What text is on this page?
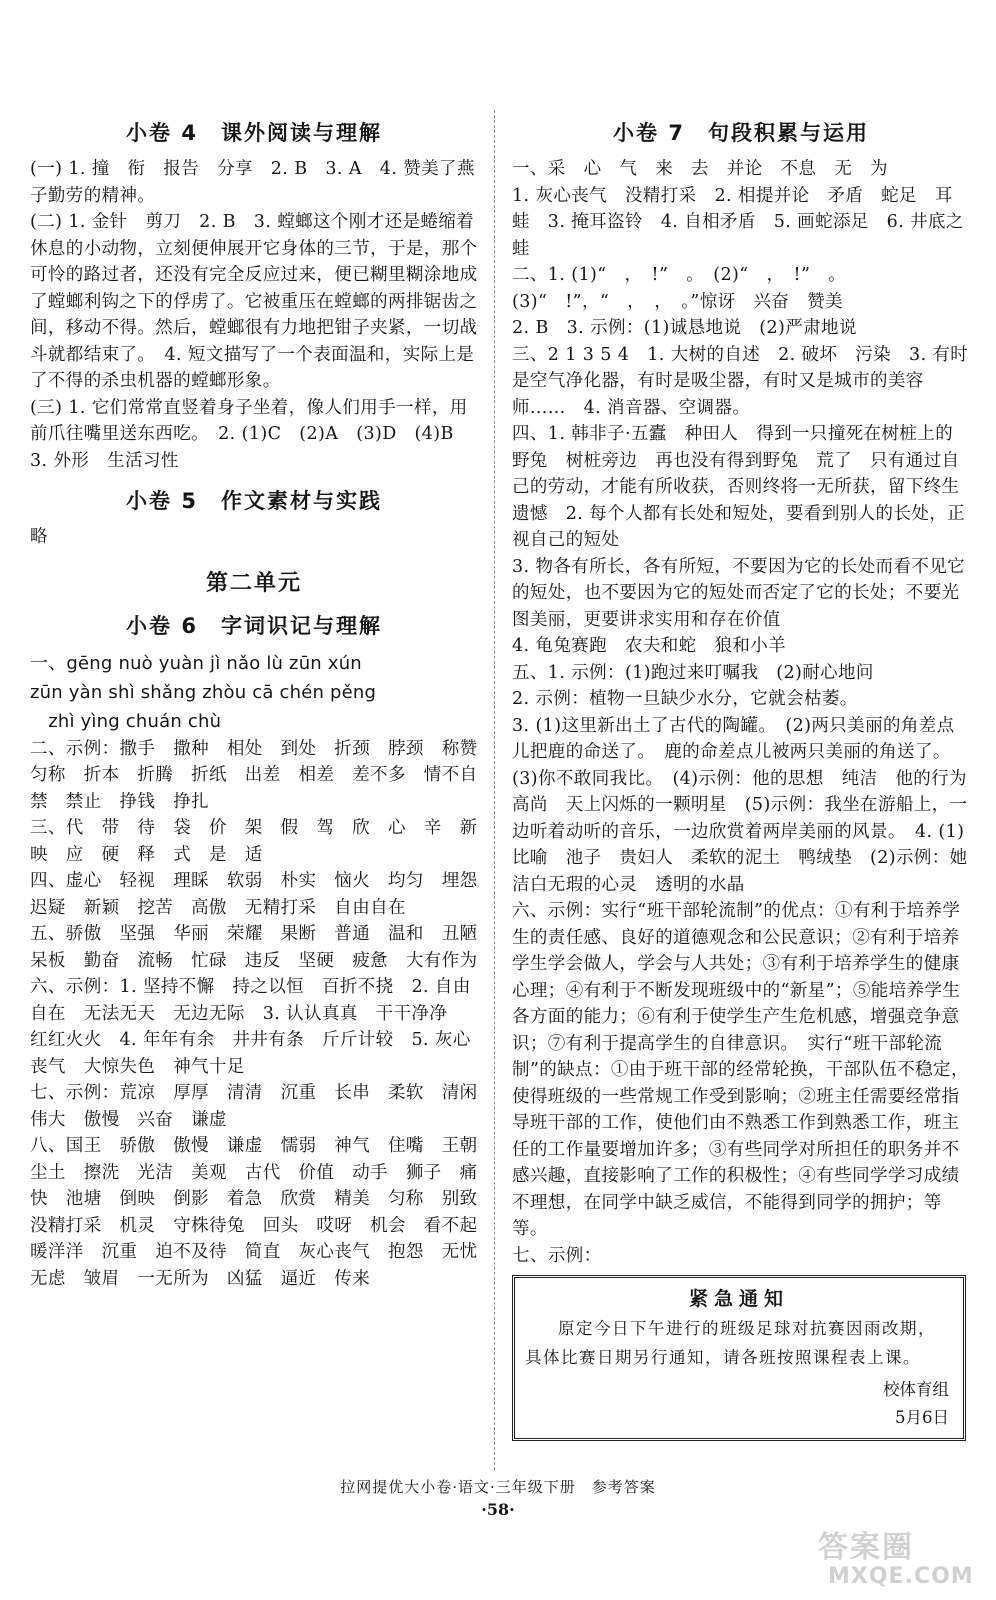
小卷 4　课外阅读与理解

(一) 1. 撞　衔　报告　分享　2. B　3. A　4. 赞美了燕子勤劳的精神。
(二) 1. 金针　剪刀　2. B　3. 螳螂这个刚才还是蜷缩着休息的小动物，立刻便伸展开它身体的三节，于是，那个可怜的路过者，还没有完全反应过来，便已糊里糊涂地成了螳螂利钩之下的俘虏了。它被重压在螳螂的两排锯齿之间，移动不得。然后，螳螂很有力地把钳子夹紧，一切战斗就都结束了。　4. 短文描写了一个表面温和，实际上是了不得的杀虫机器的螳螂形象。
(三) 1. 它们常常直竖着身子坐着，像人们用手一样，用前爪往嘴里送东西吃。　2. (1)C　(2)A　(3)D　(4)B　3. 外形　生活习性

小卷 5　作文素材与实践

略

第二单元
小卷 6　字词识记与理解

一、gēng nuò yuàn jì nǎo lù zūn xún
zūn yàn shì shǎng zhòu cā chén pěng
　zhì yìng chuán chù

二、示例：撒手　撒种　相处　到处　折颈　脖颈　称赞　匀称　折本　折腾　折纸　出差　相差　差不多　情不自禁　禁止　挣钱　挣扎
三、代　带　待　袋　价　架　假　驾　欣　心　辛　新　映　应　硬　释　式　是　适
四、虚心　轻视　理睬　软弱　朴实　恼火　均匀　埋怨　迟疑　新颖　挖苦　高傲　无精打采　自由自在
五、骄傲　坚强　华丽　荣耀　果断　普通　温和　丑陋　呆板　勤奋　流畅　忙碌　违反　坚硬　疲惫　大有作为
六、示例：1. 坚持不懈　持之以恒　百折不挠　2. 自由自在　无法无天　无边无际　3. 认认真真　干干净净　红红火火　4. 年年有余　井井有条　斤斤计较　5. 灰心丧气　大惊失色　神气十足
七、示例：荒凉　厚厚　清清　沉重　长串　柔软　清闲　伟大　傲慢　兴奋　谦虚
八、国王　骄傲　傲慢　谦虚　懦弱　神气　住嘴　王朝　尘土　擦洗　光洁　美观　古代　价值　动手　狮子　痛快　池塘　倒映　倒影　着急　欣赏　精美　匀称　别致　没精打采　机灵　守株待兔　回头　哎呀　机会　看不起　暖洋洋　沉重　迫不及待　简直　灰心丧气　抱怨　无忧无虑　皱眉　一无所为　凶猛　逼近　传来

小卷 7　句段积累与运用

一、采　心　气　来　去　并论　不息　无　为
1. 灰心丧气　没精打采　2. 相提并论　矛盾　蛇足　耳　蛙　3. 掩耳盗铃　4. 自相矛盾　5. 画蛇添足　6. 井底之蛙
二、1. (1)“　，　!”　。　(2)“　，　!”　。　(3)“　!”，“　，　，　。”惊讶　兴奋　赞美
2. B　3. 示例：(1)诚恳地说　(2)严肃地说
三、2 1 3 5 4　1. 大树的自述　2. 破坏　污染　3. 有时是空气净化器，有时是吸尘器，有时又是城市的美容师……　4. 消音器、空调器。
四、1. 韩非子·五蠹　种田人　得到一只撞死在树桩上的野兔　树桩旁边　再也没有得到野兔　荒了　只有通过自己的劳动，才能有所收获，否则终将一无所获，留下终生遗憾　2. 每个人都有长处和短处，要看到别人的长处，正视自己的短处
3. 物各有所长，各有所短，不要因为它的长处而看不见它的短处，也不要因为它的短处而否定了它的长处；不要光图美丽，更要讲求实用和存在价值
4. 龟兔赛跑　农夫和蛇　狼和小羊
五、1. 示例：(1)跑过来叮嘱我　(2)耐心地问
2. 示例：植物一旦缺少水分，它就会枯萎。
3. (1)这里新出土了古代的陶罐。　(2)两只美丽的角差点儿把鹿的命送了。　鹿的命差点儿被两只美丽的角送了。　(3)你不敢同我比。　(4)示例：他的思想　纯洁　他的行为　高尚　天上闪烁的一颗明星　(5)示例：我坐在游船上，一边听着动听的音乐，一边欣赏着两岸美丽的风景。　4. (1)比喻　池子　贵妇人　柔软的泥土　鸭绒垫　(2)示例：她洁白无瑕的心灵　透明的水晶
六、示例：实行“班干部轮流制”的优点：①有利于培养学生的责任感、良好的道德观念和公民意识；②有利于培养学生学会做人，学会与人共处；③有利于培养学生的健康心理；④有利于不断发现班级中的“新星”；⑤能培养学生各方面的能力；⑥有利于使学生产生危机感，增强竞争意识；⑦有利于提高学生的自律意识。　实行“班干部轮流制”的缺点：①由于班干部的经常轮换，干部队伍不稳定，使得班级的一些常规工作受到影响；②班主任需要经常指导班干部的工作，使他们由不熟悉工作到熟悉工作，班主任的工作量要增加许多；③有些同学对所担任的职务并不感兴趣，直接影响了工作的积极性；④有些同学学习成绩不理想，在同学中缺乏威信，不能得到同学的拥护；等等。
七、示例：

紧急通知
原定今日下午进行的班级足球对抗赛因雨改期，具体比赛日期另行通知，请各班按照课程表上课。
校体育组
5月6日
拉网提优大小卷·语文·三年级下册　参考答案
·58·
答案圈
MXQE.COM
